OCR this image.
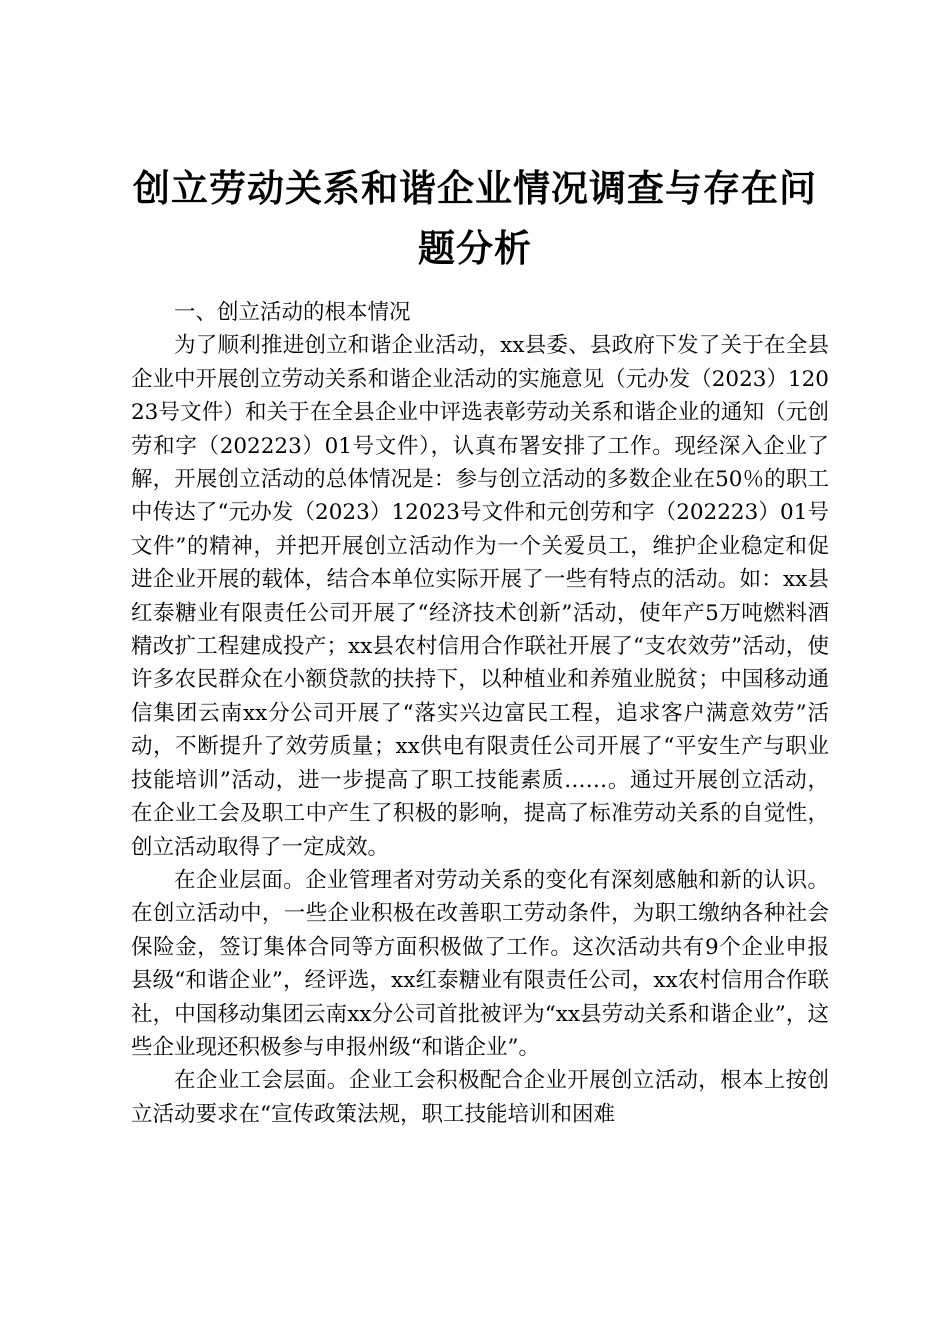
创立劳动关系和谐企业情况调查与存在问题分析

一、创立活动的根本情况

为了顺利推进创立和谐企业活动，xx县委、县政府下发了关于在全县企业中开展创立劳动关系和谐企业活动的实施意见（元办发（2023）12023号文件）和关于在全县企业中评选表彰劳动关系和谐企业的通知（元创劳和字（202223）01号文件），认真布署安排了工作。现经深入企业了解，开展创立活动的总体情况是：参与创立活动的多数企业在50％的职工中传达了“元办发（2023）12023号文件和元创劳和字（202223）01号文件”的精神，并把开展创立活动作为一个关爱员工，维护企业稳定和促进企业开展的载体，结合本单位实际开展了一些有特点的活动。如：xx县红泰糖业有限责任公司开展了“经济技术创新”活动，使年产5万吨燃料酒精改扩工程建成投产；xx县农村信用合作联社开展了“支农效劳”活动，使许多农民群众在小额贷款的扶持下，以种植业和养殖业脱贫；中国移动通信集团云南xx分公司开展了“落实兴边富民工程，追求客户满意效劳”活动，不断提升了效劳质量；xx供电有限责任公司开展了“平安生产与职业技能培训”活动，进一步提高了职工技能素质……。通过开展创立活动，在企业工会及职工中产生了积极的影响，提高了标准劳动关系的自觉性，创立活动取得了一定成效。

在企业层面。企业管理者对劳动关系的变化有深刻感触和新的认识。在创立活动中，一些企业积极在改善职工劳动条件，为职工缴纳各种社会保险金，签订集体合同等方面积极做了工作。这次活动共有9个企业申报县级“和谐企业”，经评选，xx红泰糖业有限责任公司，xx农村信用合作联社，中国移动集团云南xx分公司首批被评为“xx县劳动关系和谐企业”，这些企业现还积极参与申报州级“和谐企业”。

在企业工会层面。企业工会积极配合企业开展创立活动，根本上按创立活动要求在“宣传政策法规，职工技能培训和困难
